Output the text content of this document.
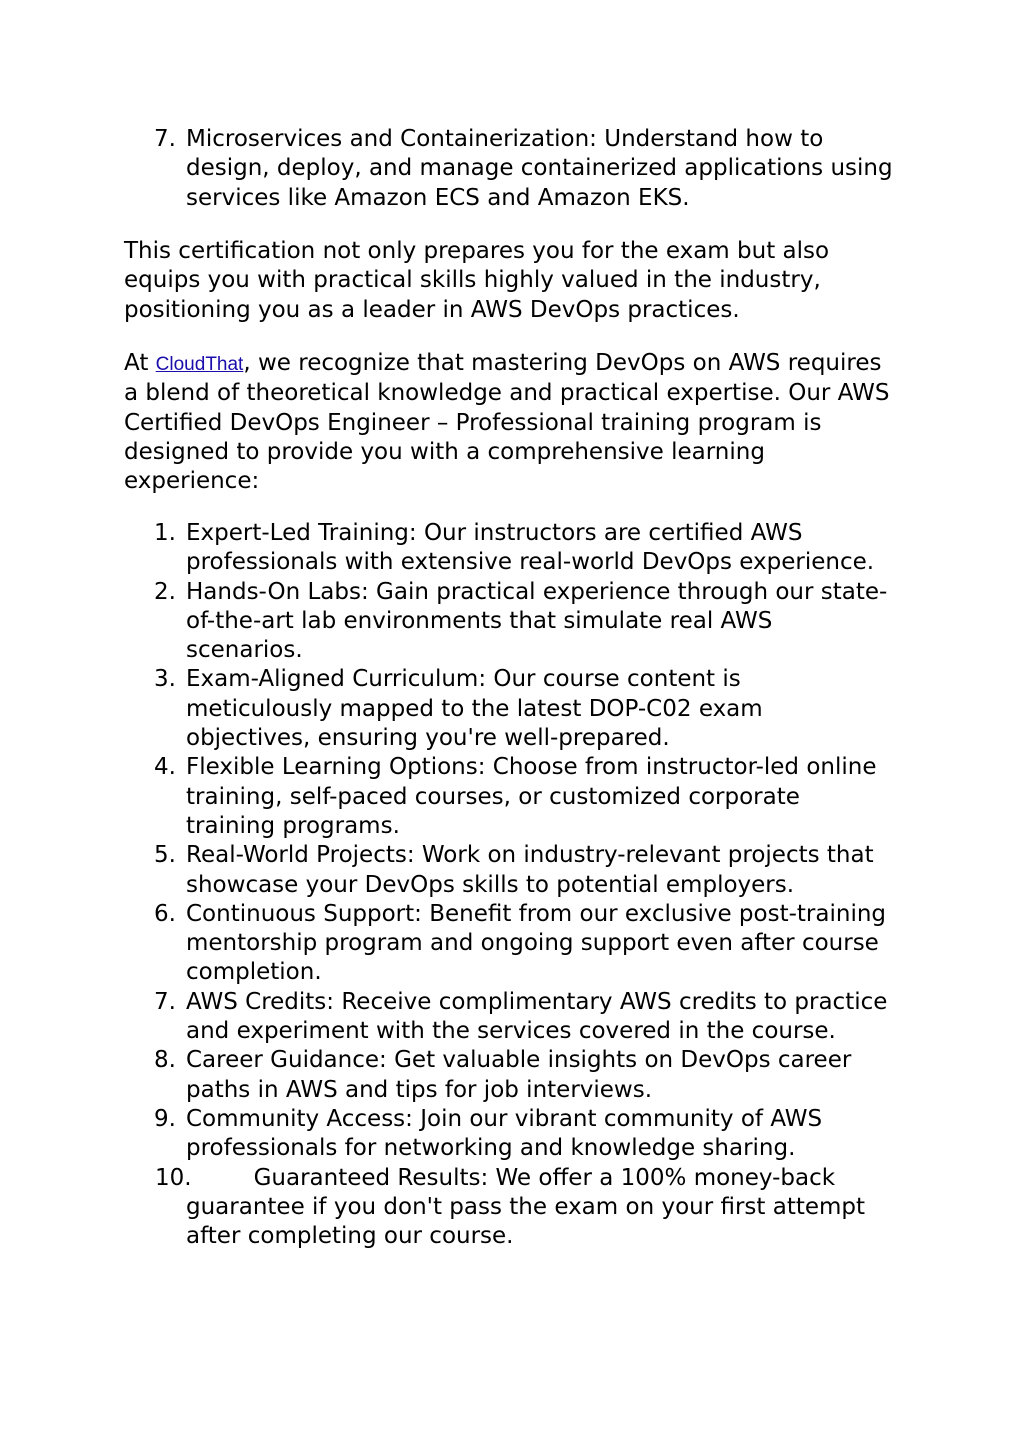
7. Microservices and Containerization: Understand how to design, deploy, and manage containerized applications using services like Amazon ECS and Amazon EKS.

This certification not only prepares you for the exam but also equips you with practical skills highly valued in the industry, positioning you as a leader in AWS DevOps practices.

At CloudThat, we recognize that mastering DevOps on AWS requires a blend of theoretical knowledge and practical expertise. Our AWS Certified DevOps Engineer – Professional training program is designed to provide you with a comprehensive learning experience:

1. Expert-Led Training: Our instructors are certified AWS professionals with extensive real-world DevOps experience.
2. Hands-On Labs: Gain practical experience through our state-of-the-art lab environments that simulate real AWS scenarios.
3. Exam-Aligned Curriculum: Our course content is meticulously mapped to the latest DOP-C02 exam objectives, ensuring you're well-prepared.
4. Flexible Learning Options: Choose from instructor-led online training, self-paced courses, or customized corporate training programs.
5. Real-World Projects: Work on industry-relevant projects that showcase your DevOps skills to potential employers.
6. Continuous Support: Benefit from our exclusive post-training mentorship program and ongoing support even after course completion.
7. AWS Credits: Receive complimentary AWS credits to practice and experiment with the services covered in the course.
8. Career Guidance: Get valuable insights on DevOps career paths in AWS and tips for job interviews.
9. Community Access: Join our vibrant community of AWS professionals for networking and knowledge sharing.
10.	Guaranteed Results: We offer a 100% money-back guarantee if you don't pass the exam on your first attempt after completing our course.
